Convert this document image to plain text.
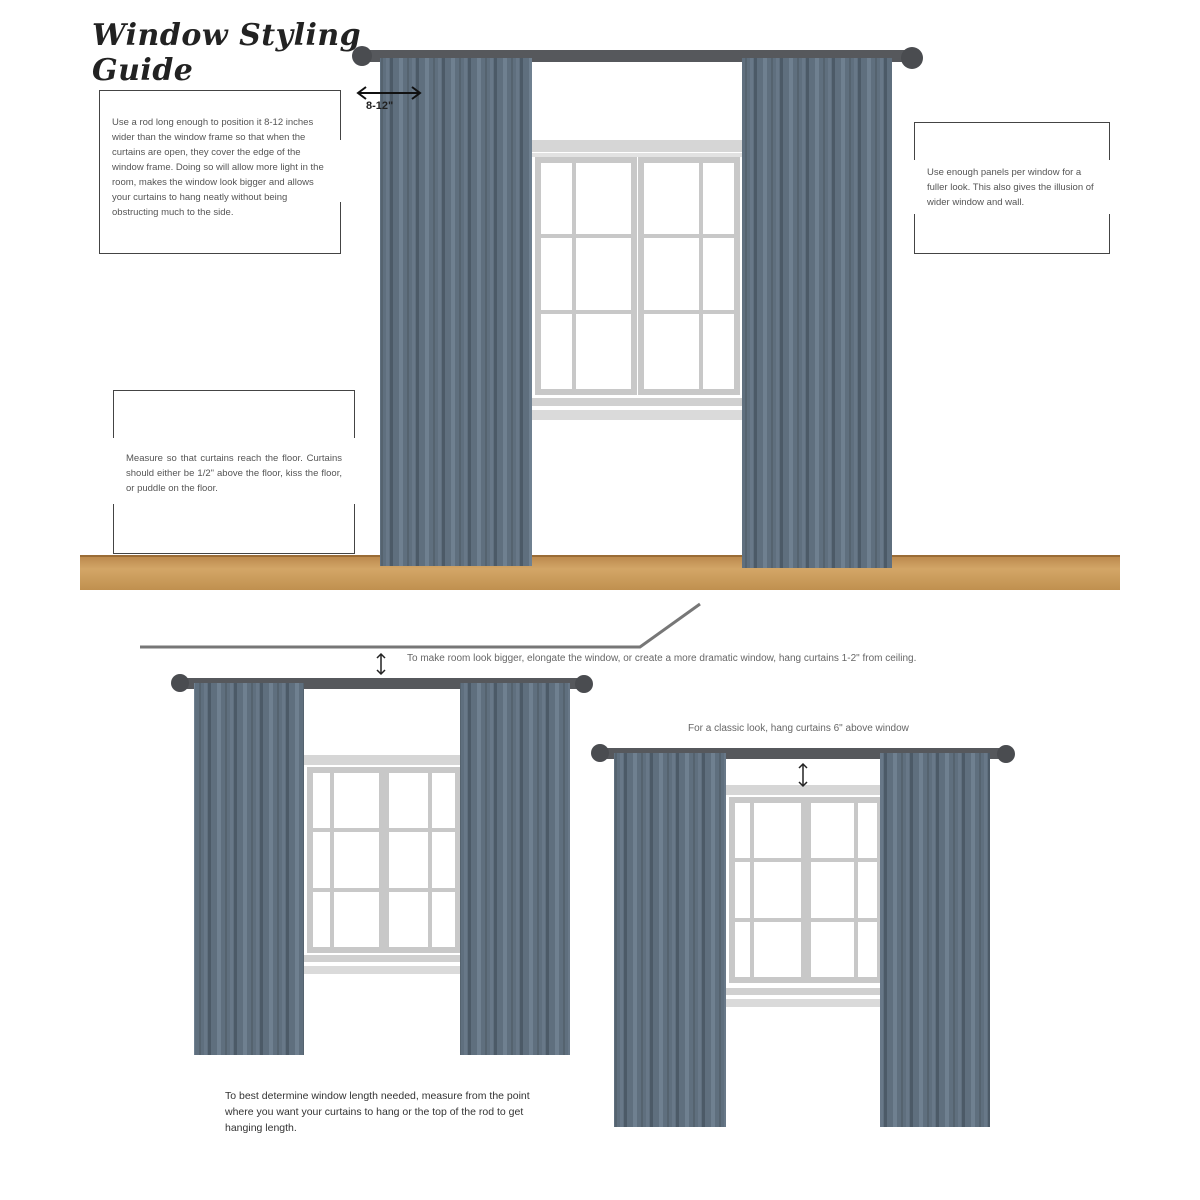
Window Styling Guide
8-12"

Use a rod long enough to position it 8-12 inches wider than the window frame so that when the curtains are open, they cover the edge of the window frame. Doing so will allow more light in the room, makes the window look bigger and allows your curtains to hang neatly without being obstructing much to the side.

Use enough panels per window for a fuller look. This also gives the illusion of wider window and wall.

Measure so that curtains reach the floor. Curtains should either be 1/2" above the floor, kiss the floor, or puddle on the floor.

To make room look bigger, elongate the window, or create a more dramatic window, hang curtains 1-2" from ceiling.

For a classic look, hang curtains 6" above window

To best determine window length needed, measure from the point where you want your curtains to hang or the top of the rod to get hanging length.
